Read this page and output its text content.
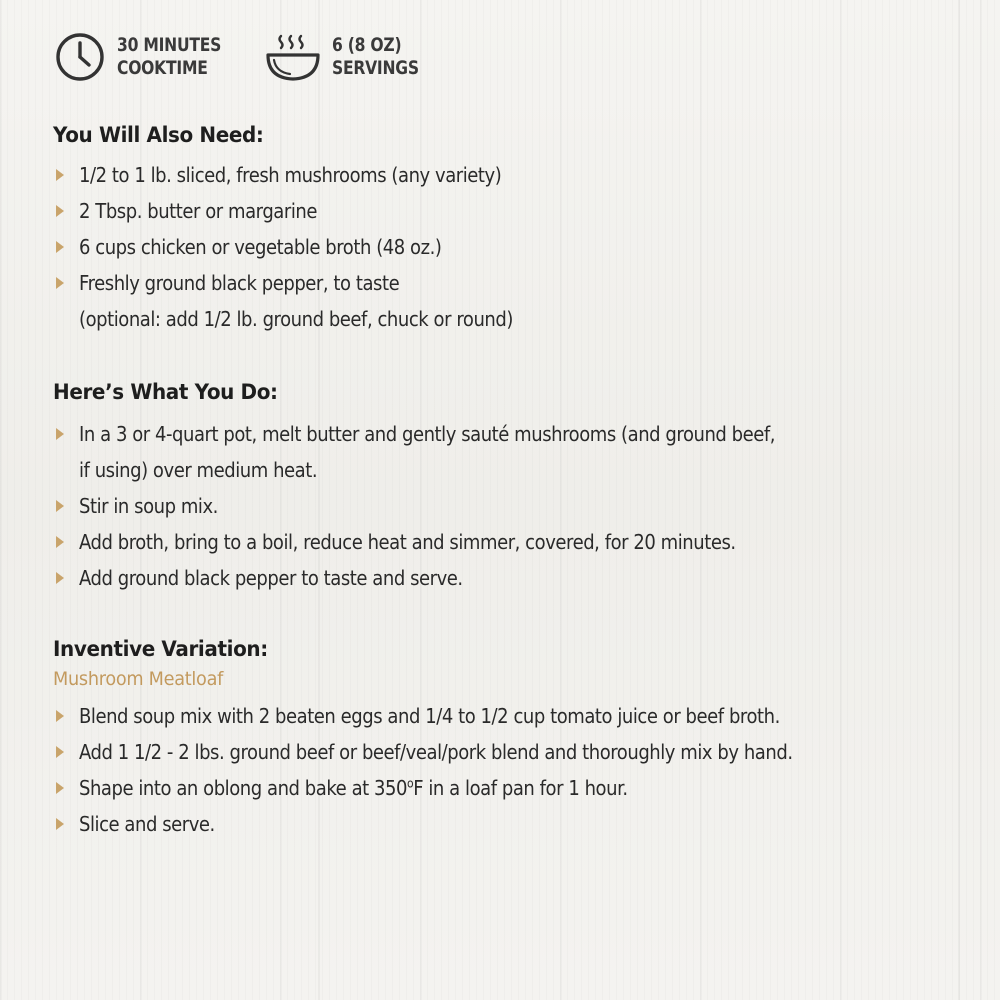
30 MINUTES
COOKTIME
6 (8 OZ)
SERVINGS
You Will Also Need:
1/2 to 1 lb. sliced, fresh mushrooms (any variety)
2 Tbsp. butter or margarine
6 cups chicken or vegetable broth (48 oz.)
Freshly ground black pepper, to taste
(optional: add 1/2 lb. ground beef, chuck or round)
Here’s What You Do:
In a 3 or 4-quart pot, melt butter and gently sauté mushrooms (and ground beef,
if using) over medium heat.
Stir in soup mix.
Add broth, bring to a boil, reduce heat and simmer, covered, for 20 minutes.
Add ground black pepper to taste and serve.
Inventive Variation:
Mushroom Meatloaf
Blend soup mix with 2 beaten eggs and 1/4 to 1/2 cup tomato juice or beef broth.
Add 1 1/2 - 2 lbs. ground beef or beef/veal/pork blend and thoroughly mix by hand.
Shape into an oblong and bake at 350$^o$F in a loaf pan for 1 hour.
Slice and serve.
